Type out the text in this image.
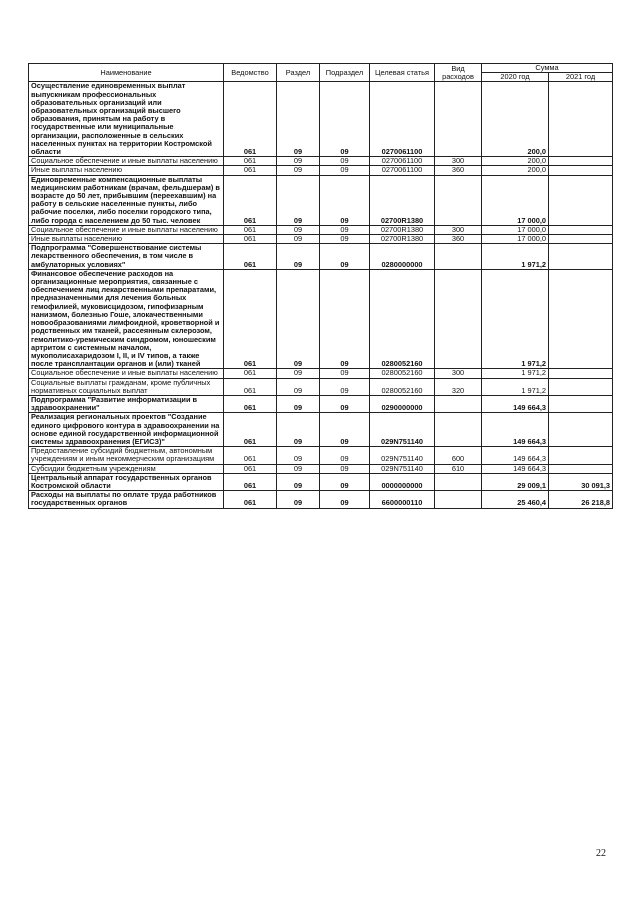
Наименование	Ведомство	Раздел	Подраздел	Целевая статья	Вид расходов	Сумма	
						2020 год	2021 год
Осуществление единовременных выплат выпускникам профессиональных образовательных организаций или образовательных организаций высшего образования, принятым на работу в государственные или муниципальные организации, расположенные в сельских населенных пунктах на территории Костромской области	061	09	09	0270061100		200,0	
Социальное обеспечение и иные выплаты населению	061	09	09	0270061100	300	200,0	
Иные выплаты населению	061	09	09	0270061100	360	200,0	
Единовременные компенсационные выплаты медицинским работникам (врачам, фельдшерам) в возрасте до 50 лет, прибывшим (переехавшим) на работу в сельские населенные пункты, либо рабочие поселки, либо поселки городского типа, либо города с населением до 50 тыс. человек	061	09	09	02700R1380		17 000,0	
Социальное обеспечение и иные выплаты населению	061	09	09	02700R1380	300	17 000,0	
Иные выплаты населению	061	09	09	02700R1380	360	17 000,0	
Подпрограмма "Совершенствование системы лекарственного обеспечения, в том числе в амбулаторных условиях"	061	09	09	0280000000		1 971,2	
Финансовое обеспечение расходов на организационные мероприятия, связанные с обеспечением лиц лекарственными препаратами, предназначенными для лечения больных гемофилией, муковисцидозом, гипофизарным нанизмом, болезнью Гоше, злокачественными новообразованиями лимфоидной, кроветворной и родственных им тканей, рассеянным склерозом, гемолитико-уремическим синдромом, юношеским артритом с системным началом, мукополисахаридозом I, II, и IV типов, а также после трансплантации органов и (или) тканей	061	09	09	0280052160		1 971,2	
Социальное обеспечение и иные выплаты населению	061	09	09	0280052160	300	1 971,2	
Социальные выплаты гражданам, кроме публичных нормативных социальных выплат	061	09	09	0280052160	320	1 971,2	
Подпрограмма "Развитие информатизации в здравоохранении"	061	09	09	0290000000		149 664,3	
Реализация региональных проектов "Создание единого цифрового контура в здравоохранении на основе единой государственной информационной системы здравоохранения (ЕГИСЗ)"	061	09	09	029N751140		149 664,3	
Предоставление субсидий бюджетным, автономным учреждениям и иным некоммерческим организациям	061	09	09	029N751140	600	149 664,3	
Субсидии бюджетным учреждениям	061	09	09	029N751140	610	149 664,3	
Центральный аппарат государственных органов Костромской области	061	09	09	0000000000		29 009,1	30 091,3
Расходы на выплаты по оплате труда работников государственных органов	061	09	09	6600000110		25 460,4	26 218,8
22
